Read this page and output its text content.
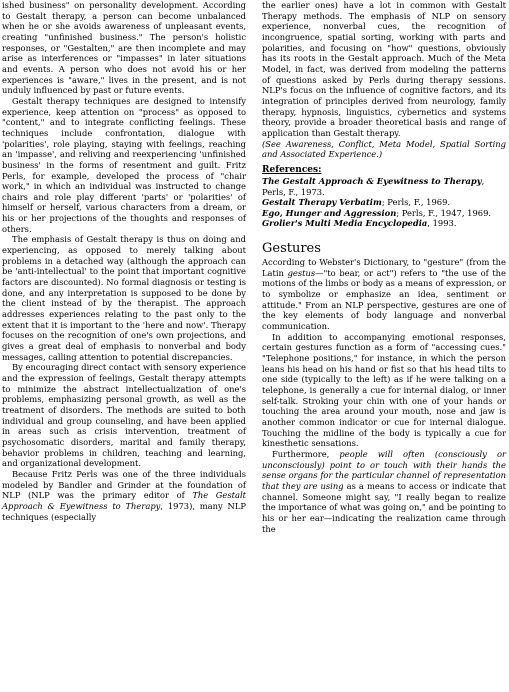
ished business" on personality development. According to Gestalt therapy, a person can become unbalanced when he or she avoids awareness of unpleasant events, creating "unfinished business." The person's holistic responses, or "Gestalten," are then incomplete and may arise as interferences or "impasses" in later situations and events. A person who does not avoid his or her experiences is "aware," lives in the present, and is not unduly influenced by past or future events.

Gestalt therapy techniques are designed to intensify experience, keep attention on "process" as opposed to "content," and to integrate conflicting feelings. These techniques include confrontation, dialogue with 'polarities', role playing, staying with feelings, reaching an 'impasse', and reliving and reexperiencing 'unfinished business' in the forms of resentment and guilt. Fritz Perls, for example, developed the process of "chair work," in which an individual was instructed to change chairs and role play different 'parts' or 'polarities' of himself or herself, various characters from a dream, or his or her projections of the thoughts and responses of others.

The emphasis of Gestalt therapy is thus on doing and experiencing, as opposed to merely talking about problems in a detached way (although the approach can be 'anti-intellectual' to the point that important cognitive factors are discounted). No formal diagnosis or testing is done, and any interpretation is supposed to be done by the client instead of by the therapist. The approach addresses experiences relating to the past only to the extent that it is important to the 'here and now'. Therapy focuses on the recognition of one's own projections, and gives a great deal of emphasis to nonverbal and body messages, calling attention to potential discrepancies.

By encouraging direct contact with sensory experience and the expression of feelings, Gestalt therapy attempts to minimize the abstract intellectualization of one's problems, emphasizing personal growth, as well as the treatment of disorders. The methods are suited to both individual and group counseling, and have been applied in areas such as crisis intervention, treatment of psychosomatic disorders, marital and family therapy, behavior problems in children, teaching and learning, and organizational development.

Because Fritz Perls was one of the three individuals modeled by Bandler and Grinder at the foundation of NLP (NLP was the primary editor of The Gestalt Approach & Eyewitness to Therapy, 1973), many NLP techniques (especially

the earlier ones) have a lot in common with Gestalt Therapy methods. The emphasis of NLP on sensory experience, nonverbal cues, the recognition of incongruence, spatial sorting, working with parts and polarities, and focusing on "how" questions, obviously has its roots in the Gestalt approach. Much of the Meta Model, in fact, was derived from modeling the patterns of questions asked by Perls during therapy sessions. NLP's focus on the influence of cognitive factors, and its integration of principles derived from neurology, family therapy, hypnosis, linguistics, cybernetics and systems theory, provide a broader theoretical basis and range of application than Gestalt therapy.

(See Awareness, Conflict, Meta Model, Spatial Sorting and Associated Experience.)

References:

The Gestalt Approach & Eyewitness to Therapy, Perls, F., 1973.

Gestalt Therapy Verbatim; Perls, F., 1969.

Ego, Hunger and Aggression; Perls, F., 1947, 1969.

Grolier's Multi Media Encyclopedia, 1993.

Gestures

According to Webster's Dictionary, to "gesture" (from the Latin gestus—"to bear, or act") refers to "the use of the motions of the limbs or body as a means of expression, or to symbolize or emphasize an idea, sentiment or attitude." From an NLP perspective, gestures are one of the key elements of body language and nonverbal communication.

In addition to accompanying emotional responses, certain gestures function as a form of "accessing cues." "Telephone positions," for instance, in which the person leans his head on his hand or fist so that his head tilts to one side (typically to the left) as if he were talking on a telephone, is generally a cue for internal dialog, or inner self-talk. Stroking your chin with one of your hands or touching the area around your mouth, nose and jaw is another common indicator or cue for internal dialogue. Touching the midline of the body is typically a cue for kinesthetic sensations.

Furthermore, people will often (consciously or unconsciously) point to or touch with their hands the sense organs for the particular channel of representation that they are using as a means to access or indicate that channel. Someone might say, "I really began to realize the importance of what was going on," and be pointing to his or her ear—indicating the realization came through the
